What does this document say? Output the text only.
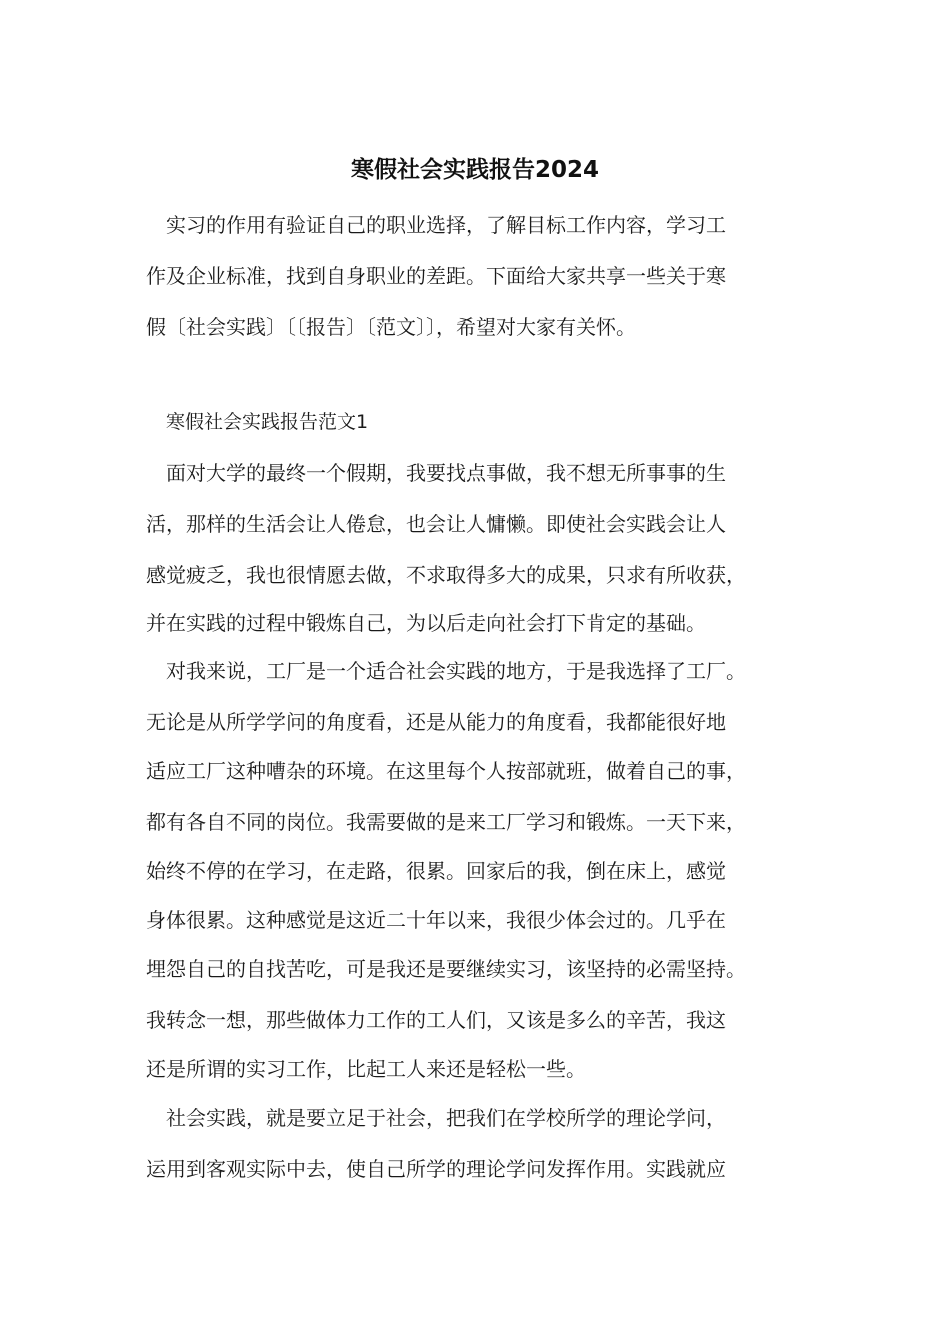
寒假社会实践报告2024
实习的作用有验证自己的职业选择，了解目标工作内容，学习工
作及企业标准，找到自身职业的差距。下面给大家共享一些关于寒
假〔社会实践〕〔〔报告〕〔范文〕〕，希望对大家有关怀。
寒假社会实践报告范文1
面对大学的最终一个假期，我要找点事做，我不想无所事事的生
活，那样的生活会让人倦怠，也会让人慵懒。即使社会实践会让人
感觉疲乏，我也很情愿去做，不求取得多大的成果，只求有所收获，
并在实践的过程中锻炼自己，为以后走向社会打下肯定的基础。
对我来说，工厂是一个适合社会实践的地方，于是我选择了工厂。
无论是从所学学问的角度看，还是从能力的角度看，我都能很好地
适应工厂这种嘈杂的环境。在这里每个人按部就班，做着自己的事，
都有各自不同的岗位。我需要做的是来工厂学习和锻炼。一天下来，
始终不停的在学习，在走路，很累。回家后的我，倒在床上，感觉
身体很累。这种感觉是这近二十年以来，我很少体会过的。几乎在
埋怨自己的自找苦吃，可是我还是要继续实习，该坚持的必需坚持。
我转念一想，那些做体力工作的工人们，又该是多么的辛苦，我这
还是所谓的实习工作，比起工人来还是轻松一些。
社会实践，就是要立足于社会，把我们在学校所学的理论学问，
运用到客观实际中去，使自己所学的理论学问发挥作用。实践就应
